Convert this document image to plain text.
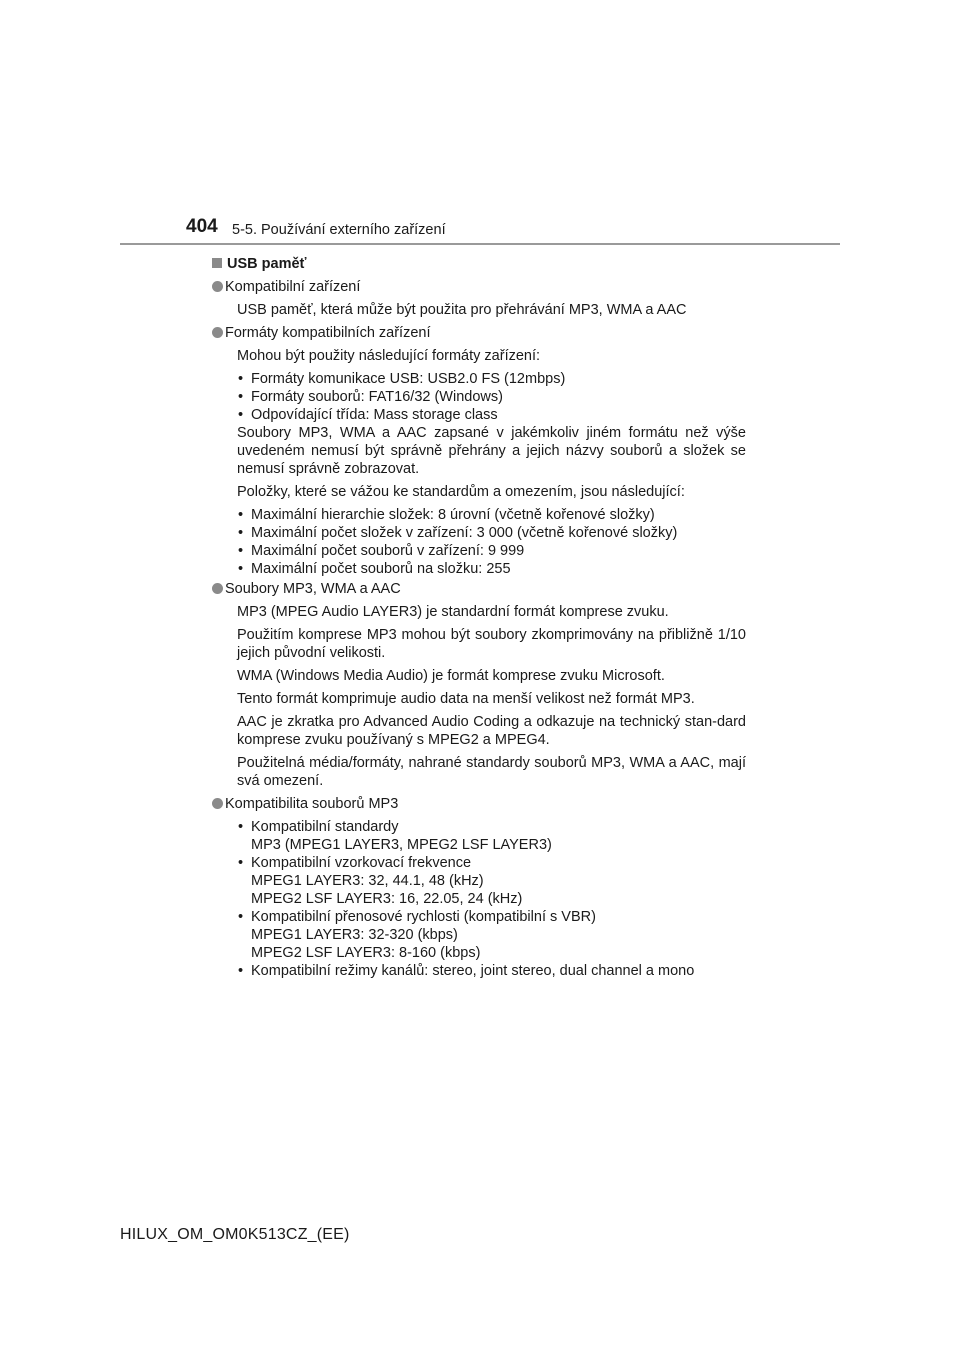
404 5-5. Používání externího zařízení
USB paměť
Kompatibilní zařízení
USB paměť, která může být použita pro přehrávání MP3, WMA a AAC
Formáty kompatibilních zařízení
Mohou být použity následující formáty zařízení:
• Formáty komunikace USB: USB2.0 FS (12mbps)
• Formáty souborů: FAT16/32 (Windows)
• Odpovídající třída: Mass storage class
Soubory MP3, WMA a AAC zapsané v jakémkoliv jiném formátu než výše uvedeném nemusí být správně přehrány a jejich názvy souborů a složek se nemusí správně zobrazovat.
Položky, které se vážou ke standardům a omezením, jsou následující:
• Maximální hierarchie složek: 8 úrovní (včetně kořenové složky)
• Maximální počet složek v zařízení: 3 000 (včetně kořenové složky)
• Maximální počet souborů v zařízení: 9 999
• Maximální počet souborů na složku: 255
Soubory MP3, WMA a AAC
MP3 (MPEG Audio LAYER3) je standardní formát komprese zvuku.
Použitím komprese MP3 mohou být soubory zkomprimovány na přibližně 1/10 jejich původní velikosti.
WMA (Windows Media Audio) je formát komprese zvuku Microsoft.
Tento formát komprimuje audio data na menší velikost než formát MP3.
AAC je zkratka pro Advanced Audio Coding a odkazuje na technický stan-dard komprese zvuku používaný s MPEG2 a MPEG4.
Použitelná média/formáty, nahrané standardy souborů MP3, WMA a AAC, mají svá omezení.
Kompatibilita souborů MP3
• Kompatibilní standardy
MP3 (MPEG1 LAYER3, MPEG2 LSF LAYER3)
• Kompatibilní vzorkovací frekvence
MPEG1 LAYER3: 32, 44.1, 48 (kHz)
MPEG2 LSF LAYER3: 16, 22.05, 24 (kHz)
• Kompatibilní přenosové rychlosti (kompatibilní s VBR)
MPEG1 LAYER3: 32-320 (kbps)
MPEG2 LSF LAYER3: 8-160 (kbps)
• Kompatibilní režimy kanálů: stereo, joint stereo, dual channel a mono
HILUX_OM_OM0K513CZ_(EE)
